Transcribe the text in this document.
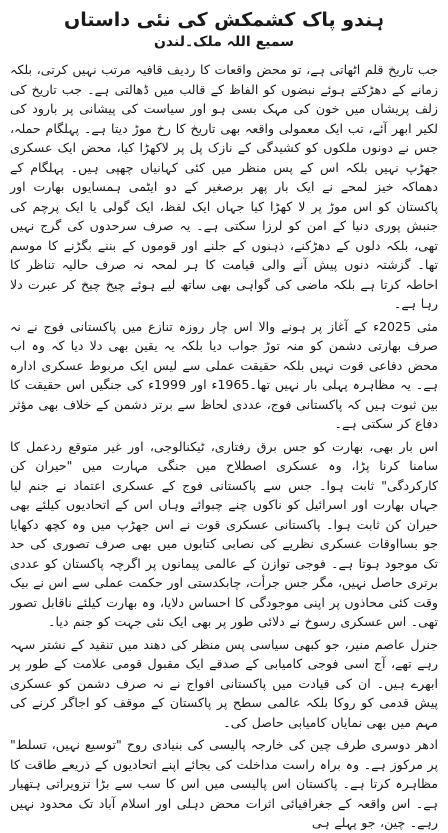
ہندو پاک کشمکش کی نئی داستاں
سمیع اللہ ملک۔لندن

جب تاریخ قلم اٹھاتی ہے، تو محض واقعات کا ردیف قافیہ مرتب نہیں کرتی، بلکہ زمانے کے دھڑکتے ہوئے نبضوں کو الفاظ کے قالب میں ڈھالتی ہے۔ جب تاریخ کی زلف پریشاں میں خون کی مہک بسی ہو اور سیاست کی پیشانی پر بارود کی لکیر ابھر آئے، تب ایک معمولی واقعہ بھی تاریخ کا رخ موڑ دیتا ہے۔ پہلگام حملہ، جس نے دونوں ملکوں کو کشیدگی کے نازک پل پر لاکھڑا کیا، محض ایک عسکری جھڑپ نہیں بلکہ اس کے پس منظر میں کئی کہانیاں چھپی ہیں۔ پہلگام کے دھماکہ خیز لمحے نے ایک بار پھر برصغیر کے دو ایٹمی ہمسایوں بھارت اور پاکستان کو اس موڑ پر لا کھڑا کیا جہاں ایک لفظ، ایک گولی یا ایک پرچم کی جنبش پوری دنیا کے امن کو لرزا سکتی ہے۔ یہ صرف سرحدوں کی گرج نہیں تھی، بلکہ دلوں کے دھڑکنے، ذہنوں کے جلنے اور قوموں کے بننے بگڑنے کا موسم تھا۔ گزشتہ دنوں پیش آنے والی قیامت کا ہر لمحہ نہ صرف حالیہ تناظر کا احاطہ کرتا ہے بلکہ ماضی کی گواہی بھی ساتھ لیے ہوئے چیخ چیخ کر عبرت دلا رہا ہے۔

مئی 2025ء کے آغاز پر ہونے والا اس چار روزہ تنازع میں پاکستانی فوج نے نہ صرف بھارتی دشمن کو منہ توڑ جواب دیا بلکہ یہ یقین بھی دلا دیا کہ وہ اب محض دفاعی قوت نہیں بلکہ حقیقت عملی سے لیس ایک مربوط عسکری ادارہ ہے۔ یہ مظاہرہ پہلی بار نہیں تھا۔1965ء اور 1999ء کی جنگیں اس حقیقت کا بین ثبوت ہیں کہ پاکستانی فوج، عددی لحاظ سے برتر دشمن کے خلاف بھی مؤثر دفاع کر سکتی ہے۔

اس بار بھی، بھارت کو جس برق رفتاری، ٹیکنالوجی، اور غیر متوقع ردعمل کا سامنا کرنا پڑا، وہ عسکری اصطلاح میں جنگی مہارت میں "حیران کن کارکردگی" ثابت ہوا۔ جس سے پاکستانی فوج کے عسکری اعتماد نے جنم لیا جہاں بھارت اور اسرائیل کو ناکوں چنے چبوائے وہاں اس کے اتحادیوں کیلئے بھی حیران کن ثابت ہوا۔ پاکستانی عسکری قوت نے اس جھڑپ میں وہ کچھ دکھایا جو بسااوقات عسکری نظریے کی نصابی کتابوں میں بھی صرف تصوری کی حد تک موجود ہوتا ہے۔ فوجی توازن کے عالمی پیمانوں پر اگرچہ پاکستان کو عددی برتری حاصل نہیں، مگر جس جرأت، چابکدستی اور حکمت عملی سے اس نے بیک وقت کئی محاذوں پر اپنی موجودگی کا احساس دلایا، وہ بھارت کیلئے ناقابل تصور تھی۔ اس عسکری رسوخ نے دلائی طور پر بھی ایک نئی جہت کو جنم دیا۔

جنرل عاصم منیر، جو کبھی سیاسی پس منظر کی دھند میں تنقید کے نشتر سہہ رہے تھے، آج اسی فوجی کامیابی کے صدقے ایک مقبول قومی علامت کے طور پر ابھرے ہیں۔ ان کی قیادت میں پاکستانی افواج نے نہ صرف دشمن کو عسکری پیش قدمی کو روکا بلکہ عالمی سطح پر پاکستان کے موقف کو اجاگر کرنے کی مہم میں بھی نمایاں کامیابی حاصل کی۔

ادھر دوسری طرف چین کی خارجہ پالیسی کی بنیادی روح "توسیع نہیں، تسلط" پر مرکوز ہے۔ وہ براہ راست مداخلت کی بجائے اپنے اتحادیوں کے ذریعے طاقت کا مظاہرہ کرتا ہے۔ پاکستان اس پالیسی میں اس کا سب سے بڑا تزویراتی ہتھیار ہے۔ اس واقعہ کے جغرافیائی اثرات محض دہلی اور اسلام آباد تک محدود نہیں رہے۔ چین، جو پہلے ہی
